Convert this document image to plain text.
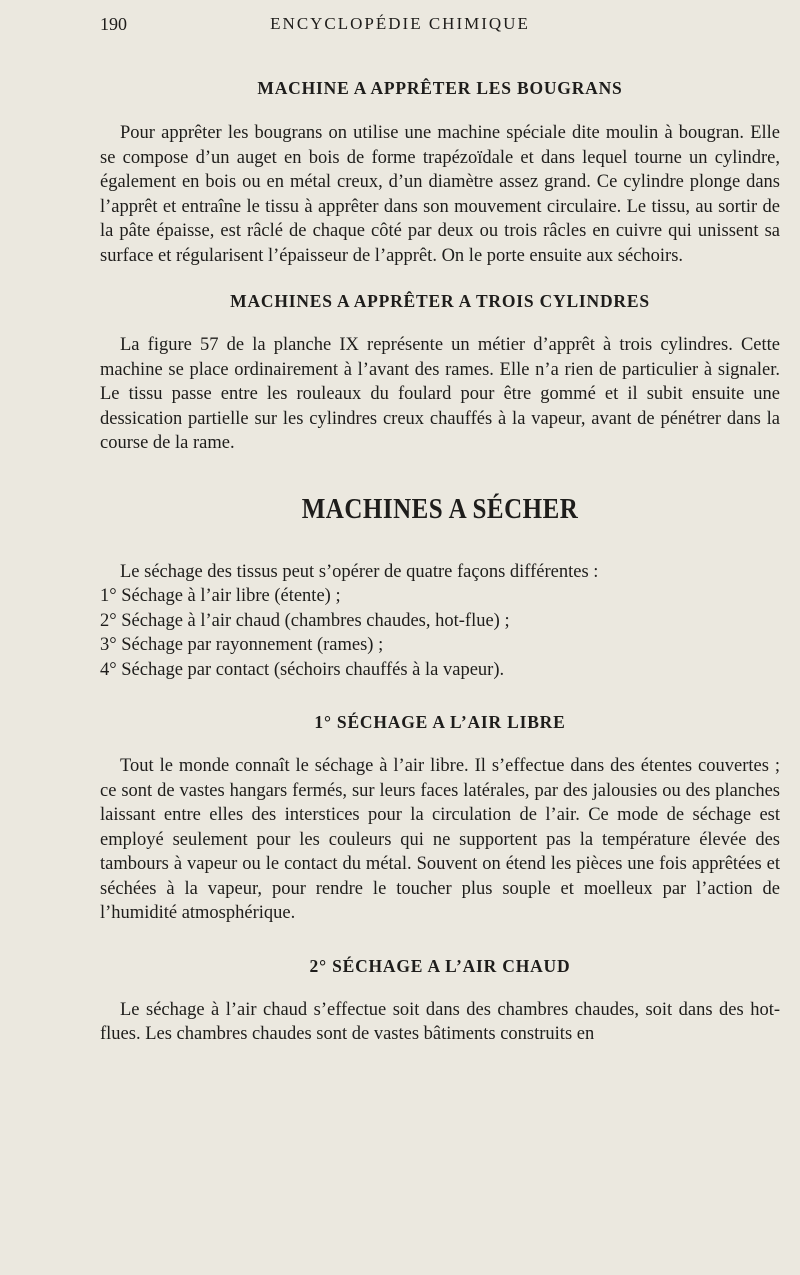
190	ENCYCLOPÉDIE CHIMIQUE
MACHINE A APPRÊTER LES BOUGRANS

Pour apprêter les bougrans on utilise une machine spéciale dite moulin à bougran. Elle se compose d’un auget en bois de forme trapézoïdale et dans lequel tourne un cylindre, également en bois ou en métal creux, d’un diamètre assez grand. Ce cylindre plonge dans l’apprêt et entraîne le tissu à apprêter dans son mouvement circulaire. Le tissu, au sortir de la pâte épaisse, est râclé de chaque côté par deux ou trois râcles en cuivre qui unissent sa surface et régularisent l’épaisseur de l’apprêt. On le porte ensuite aux séchoirs.

MACHINES A APPRÊTER A TROIS CYLINDRES

La figure 57 de la planche IX représente un métier d’apprêt à trois cylindres. Cette machine se place ordinairement à l’avant des rames. Elle n’a rien de particulier à signaler. Le tissu passe entre les rouleaux du foulard pour être gommé et il subit ensuite une dessication partielle sur les cylindres creux chauffés à la vapeur, avant de pénétrer dans la course de la rame.

MACHINES A SÉCHER

Le séchage des tissus peut s’opérer de quatre façons différentes :

1° Séchage à l’air libre (étente) ;
2° Séchage à l’air chaud (chambres chaudes, hot-flue) ;
3° Séchage par rayonnement (rames) ;
4° Séchage par contact (séchoirs chauffés à la vapeur).
1° SÉCHAGE A L’AIR LIBRE

Tout le monde connaît le séchage à l’air libre. Il s’effectue dans des étentes couvertes ; ce sont de vastes hangars fermés, sur leurs faces latérales, par des jalousies ou des planches laissant entre elles des interstices pour la circulation de l’air. Ce mode de séchage est employé seulement pour les couleurs qui ne supportent pas la température élevée des tambours à vapeur ou le contact du métal. Souvent on étend les pièces une fois apprêtées et séchées à la vapeur, pour rendre le toucher plus souple et moelleux par l’action de l’humidité atmosphérique.

2° SÉCHAGE A L’AIR CHAUD

Le séchage à l’air chaud s’effectue soit dans des chambres chaudes, soit dans des hot-flues. Les chambres chaudes sont de vastes bâtiments construits en
